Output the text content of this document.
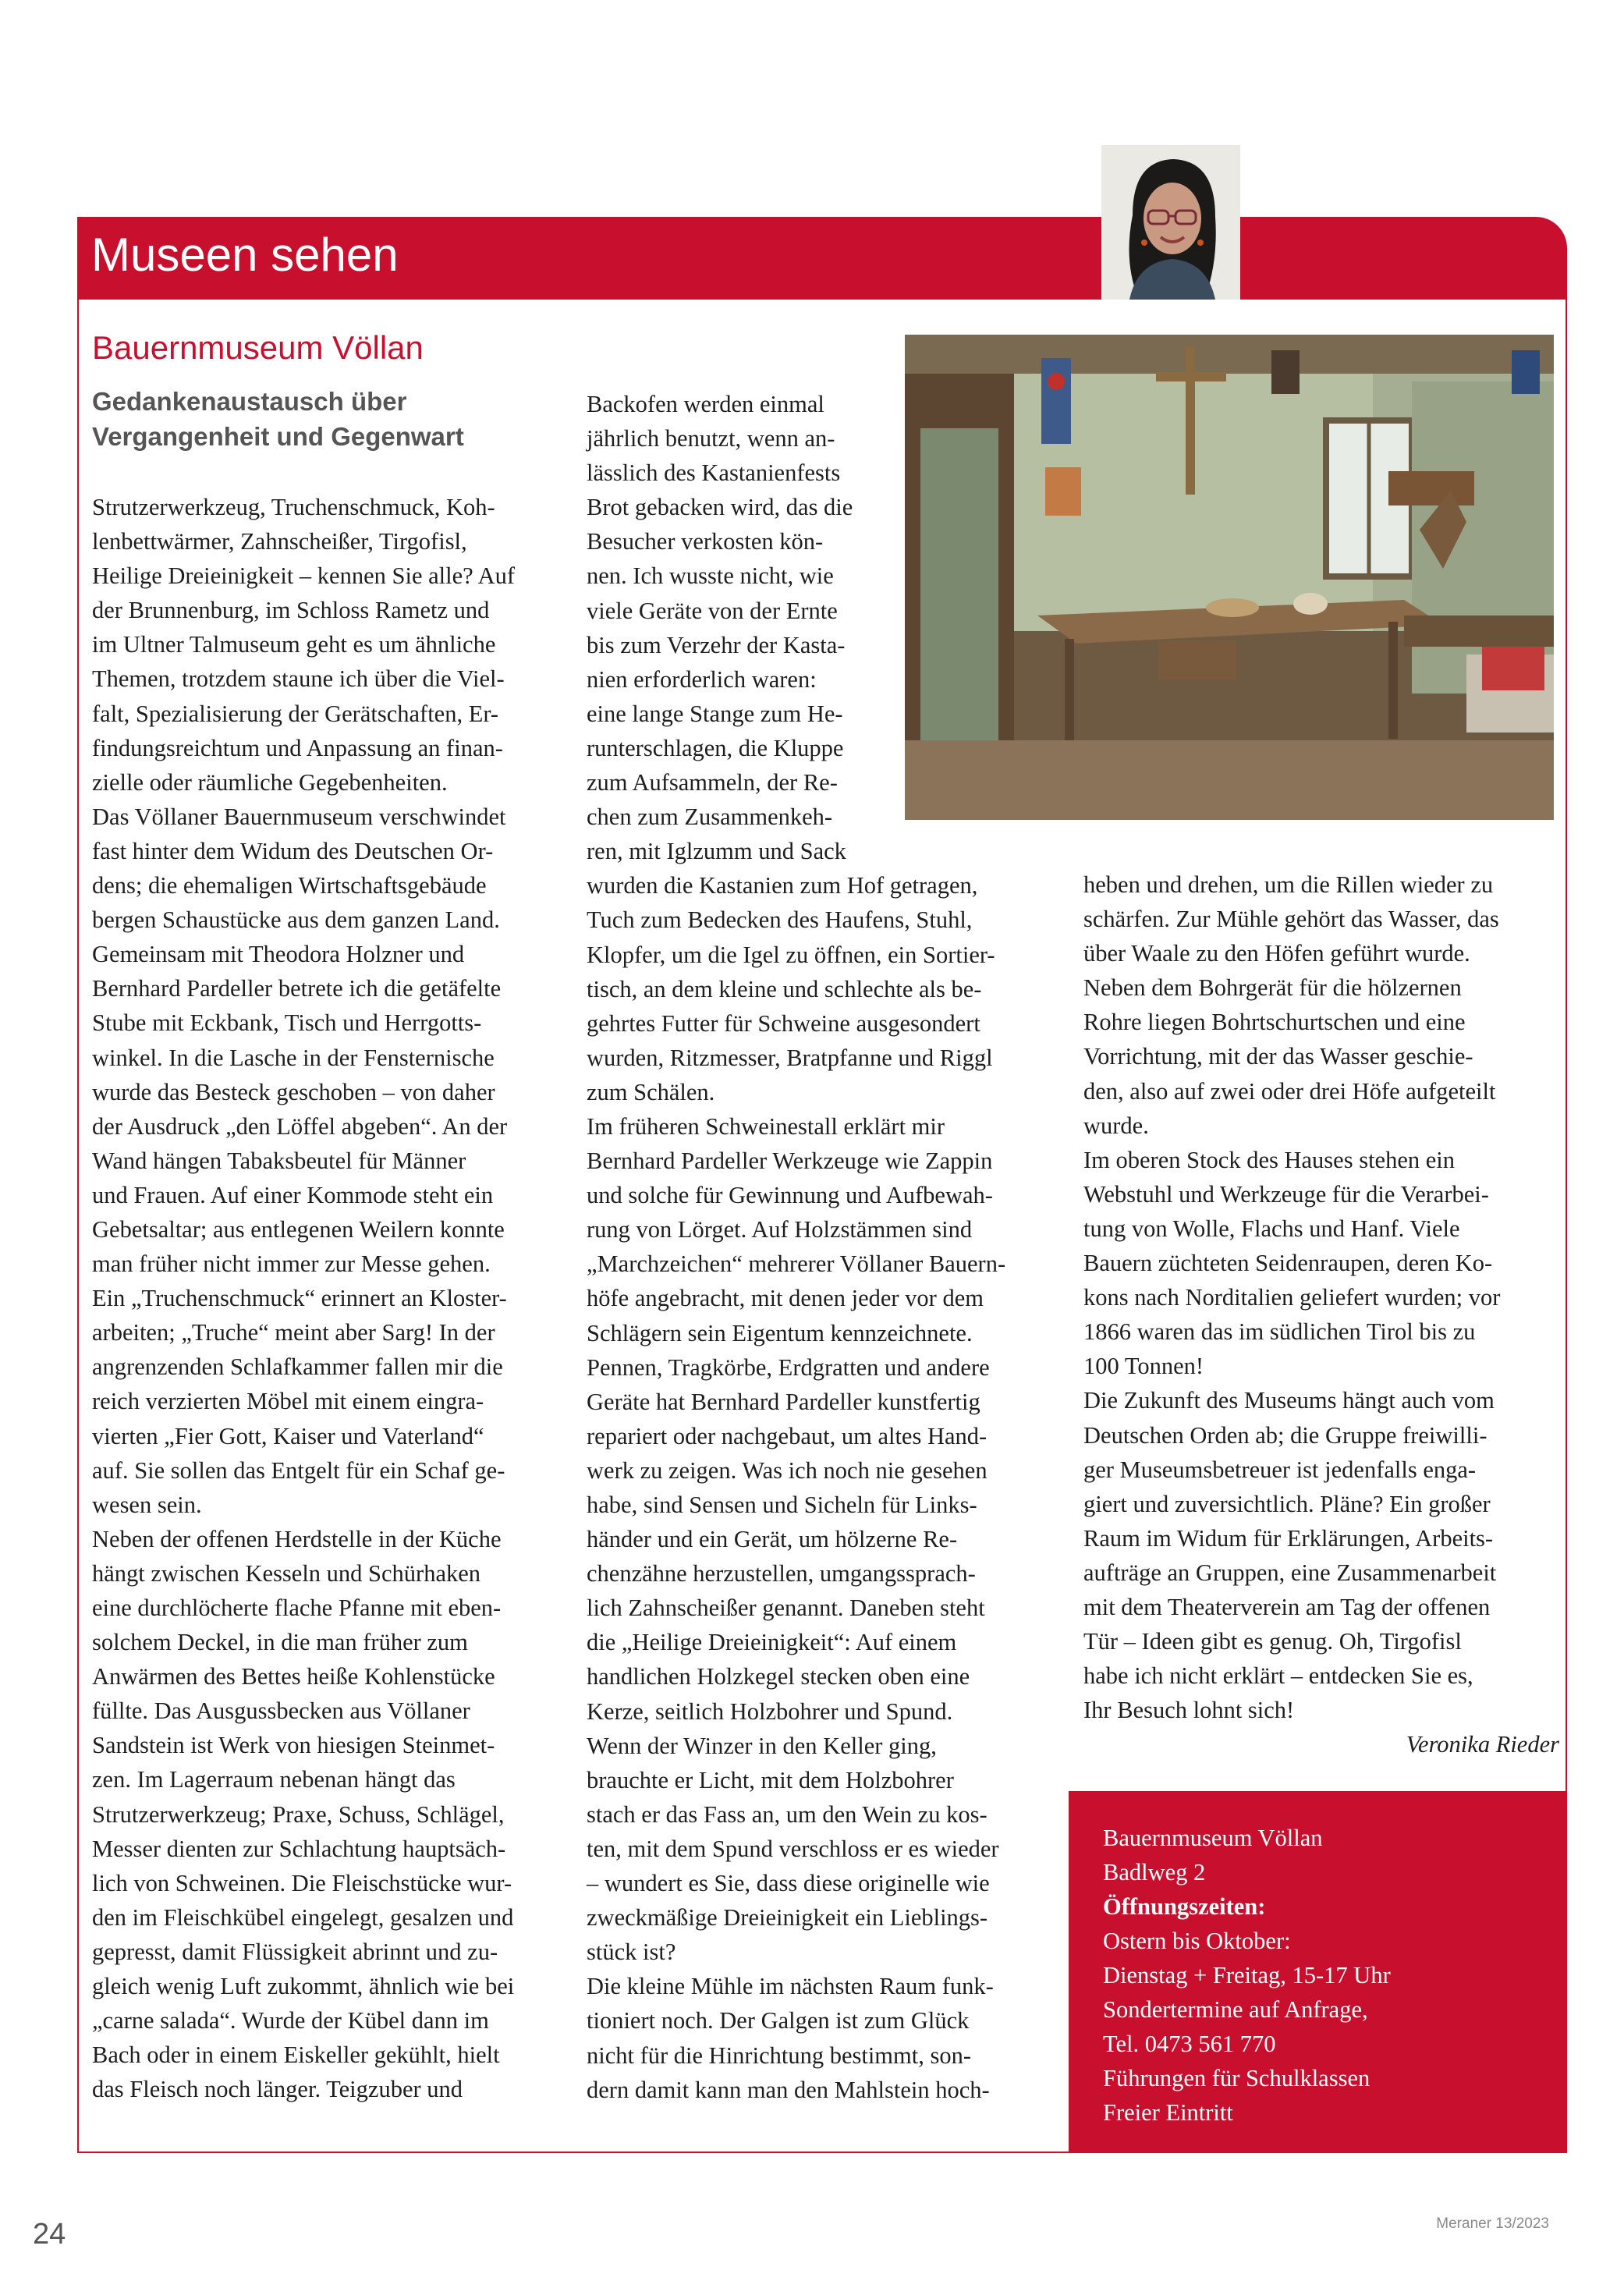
Museen sehen
Bauernmuseum Völlan
Gedankenaustausch über
Vergangenheit und Gegenwart
Strutzerwerkzeug, Truchenschmuck, Koh-
lenbettwärmer, Zahnscheißer, Tirgofisl,
Heilige Dreieinigkeit – kennen Sie alle? Auf
der Brunnenburg, im Schloss Rametz und
im Ultner Talmuseum geht es um ähnliche
Themen, trotzdem staune ich über die Viel-
falt, Spezialisierung der Gerätschaften, Er-
findungsreichtum und Anpassung an finan-
zielle oder räumliche Gegebenheiten.
Das Völlaner Bauernmuseum verschwindet
fast hinter dem Widum des Deutschen Or-
dens; die ehemaligen Wirtschaftsgebäude
bergen Schaustücke aus dem ganzen Land.
Gemeinsam mit Theodora Holzner und
Bernhard Pardeller betrete ich die getäfelte
Stube mit Eckbank, Tisch und Herrgotts-
winkel. In die Lasche in der Fensternische
wurde das Besteck geschoben – von daher
der Ausdruck „den Löffel abgeben“. An der
Wand hängen Tabaksbeutel für Männer
und Frauen. Auf einer Kommode steht ein
Gebetsaltar; aus entlegenen Weilern konnte
man früher nicht immer zur Messe gehen.
Ein „Truchenschmuck“ erinnert an Kloster-
arbeiten; „Truche“ meint aber Sarg! In der
angrenzenden Schlafkammer fallen mir die
reich verzierten Möbel mit einem eingra-
vierten „Fier Gott, Kaiser und Vaterland“
auf. Sie sollen das Entgelt für ein Schaf ge-
wesen sein.
Neben der offenen Herdstelle in der Küche
hängt zwischen Kesseln und Schürhaken
eine durchlöcherte flache Pfanne mit eben-
solchem Deckel, in die man früher zum
Anwärmen des Bettes heiße Kohlenstücke
füllte. Das Ausgussbecken aus Völlaner
Sandstein ist Werk von hiesigen Steinmet-
zen. Im Lagerraum nebenan hängt das
Strutzerwerkzeug; Praxe, Schuss, Schlägel,
Messer dienten zur Schlachtung hauptsäch-
lich von Schweinen. Die Fleischstücke wur-
den im Fleischkübel eingelegt, gesalzen und
gepresst, damit Flüssigkeit abrinnt und zu-
gleich wenig Luft zukommt, ähnlich wie bei
„carne salada“. Wurde der Kübel dann im
Bach oder in einem Eiskeller gekühlt, hielt
das Fleisch noch länger. Teigzuber und
Backofen werden einmal
jährlich benutzt, wenn an-
lässlich des Kastanienfests
Brot gebacken wird, das die
Besucher verkosten kön-
nen. Ich wusste nicht, wie
viele Geräte von der Ernte
bis zum Verzehr der Kasta-
nien erforderlich waren:
eine lange Stange zum He-
runterschlagen, die Kluppe
zum Aufsammeln, der Re-
chen zum Zusammenkeh-
ren, mit Iglzumm und Sack
wurden die Kastanien zum Hof getragen,
Tuch zum Bedecken des Haufens, Stuhl,
Klopfer, um die Igel zu öffnen, ein Sortier-
tisch, an dem kleine und schlechte als be-
gehrtes Futter für Schweine ausgesondert
wurden, Ritzmesser, Bratpfanne und Riggl
zum Schälen.
Im früheren Schweinestall erklärt mir
Bernhard Pardeller Werkzeuge wie Zappin
und solche für Gewinnung und Aufbewah-
rung von Lörget. Auf Holzstämmen sind
„Marchzeichen“ mehrerer Völlaner Bauern-
höfe angebracht, mit denen jeder vor dem
Schlägern sein Eigentum kennzeichnete.
Pennen, Tragkörbe, Erdgratten und andere
Geräte hat Bernhard Pardeller kunstfertig
repariert oder nachgebaut, um altes Hand-
werk zu zeigen. Was ich noch nie gesehen
habe, sind Sensen und Sicheln für Links-
händer und ein Gerät, um hölzerne Re-
chenzähne herzustellen, umgangssprach-
lich Zahnscheißer genannt. Daneben steht
die „Heilige Dreieinigkeit“: Auf einem
handlichen Holzkegel stecken oben eine
Kerze, seitlich Holzbohrer und Spund.
Wenn der Winzer in den Keller ging,
brauchte er Licht, mit dem Holzbohrer
stach er das Fass an, um den Wein zu kos-
ten, mit dem Spund verschloss er es wieder
– wundert es Sie, dass diese originelle wie
zweckmäßige Dreieinigkeit ein Lieblings-
stück ist?
Die kleine Mühle im nächsten Raum funk-
tioniert noch. Der Galgen ist zum Glück
nicht für die Hinrichtung bestimmt, son-
dern damit kann man den Mahlstein hoch-
heben und drehen, um die Rillen wieder zu
schärfen. Zur Mühle gehört das Wasser, das
über Waale zu den Höfen geführt wurde.
Neben dem Bohrgerät für die hölzernen
Rohre liegen Bohrtschurtschen und eine
Vorrichtung, mit der das Wasser geschie-
den, also auf zwei oder drei Höfe aufgeteilt
wurde.
Im oberen Stock des Hauses stehen ein
Webstuhl und Werkzeuge für die Verarbei-
tung von Wolle, Flachs und Hanf. Viele
Bauern züchteten Seidenraupen, deren Ko-
kons nach Norditalien geliefert wurden; vor
1866 waren das im südlichen Tirol bis zu
100 Tonnen!
Die Zukunft des Museums hängt auch vom
Deutschen Orden ab; die Gruppe freiwilli-
ger Museumsbetreuer ist jedenfalls enga-
giert und zuversichtlich. Pläne? Ein großer
Raum im Widum für Erklärungen, Arbeits-
aufträge an Gruppen, eine Zusammenarbeit
mit dem Theaterverein am Tag der offenen
Tür – Ideen gibt es genug. Oh, Tirgofisl
habe ich nicht erklärt – entdecken Sie es,
Ihr Besuch lohnt sich!
Veronika Rieder
Bauernmuseum Völlan
Badlweg 2
Öffnungszeiten:
Ostern bis Oktober:
Dienstag + Freitag, 15-17 Uhr
Sondertermine auf Anfrage,
Tel. 0473 561 770
Führungen für Schulklassen
Freier Eintritt
24	Meraner 13/2023
